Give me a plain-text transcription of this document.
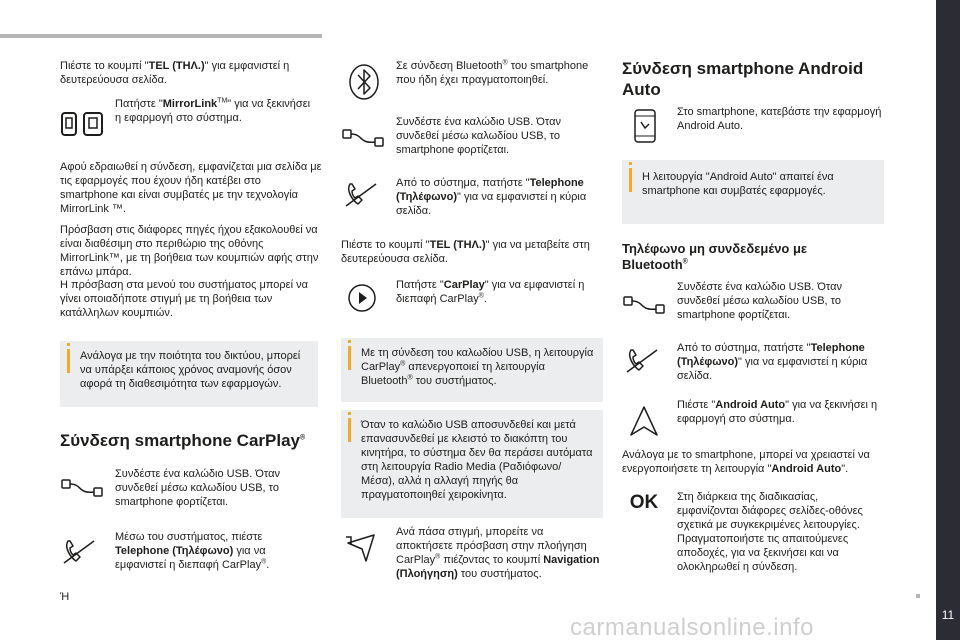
11

Πιέστε το κουμπί "TEL (ΤΗΛ.)" για εμφανιστεί η δευτερεύουσα σελίδα.

Πατήστε "MirrorLink™" για να ξεκινήσει η εφαρμογή στο σύστημα.

Αφού εδραιωθεί η σύνδεση, εμφανίζεται μια σελίδα με τις εφαρμογές που έχουν ήδη κατέβει στο smartphone και είναι συμβατές με την τεχνολογία MirrorLink ™.

Πρόσβαση στις διάφορες πηγές ήχου εξακολουθεί να είναι διαθέσιμη στο περιθώριο της οθόνης MirrorLink™, με τη βοήθεια των κουμπιών αφής στην επάνω μπάρα.

Η πρόσβαση στα μενού του συστήματος μπορεί να γίνει οποιαδήποτε στιγμή με τη βοήθεια των κατάλληλων κουμπιών.

Ανάλογα με την ποιότητα του δικτύου, μπορεί να υπάρξει κάποιος χρόνος αναμονής όσον αφορά τη διαθεσιμότητα των εφαρμογών.

Σύνδεση smartphone CarPlay®

Συνδέστε ένα καλώδιο USB. Όταν συνδεθεί μέσω καλωδίου USB, το smartphone φορτίζεται.

Μέσω του συστήματος, πιέστε Telephone (Τηλέφωνο) για να εμφανιστεί η διεπαφή CarPlay®.

Ή

Σε σύνδεση Bluetooth® του smartphone που ήδη έχει πραγματοποιηθεί.

Συνδέστε ένα καλώδιο USB. Όταν συνδεθεί μέσω καλωδίου USB, το smartphone φορτίζεται.

Από το σύστημα, πατήστε "Telephone (Τηλέφωνο)" για να εμφανιστεί η κύρια σελίδα.

Πιέστε το κουμπί "TEL (ΤΗΛ.)" για να μεταβείτε στη δευτερεύουσα σελίδα.

Πατήστε "CarPlay" για να εμφανιστεί η διεπαφή CarPlay®.

Με τη σύνδεση του καλωδίου USB, η λειτουργία CarPlay® απενεργοποιεί τη λειτουργία Bluetooth® του συστήματος.

Όταν το καλώδιο USB αποσυνδεθεί και μετά επανασυνδεθεί με κλειστό το διακόπτη του κινητήρα, το σύστημα δεν θα περάσει αυτόματα στη λειτουργία Radio Media (Ραδιόφωνο/Μέσα), αλλά η αλλαγή πηγής θα πραγματοποιηθεί χειροκίνητα.

Ανά πάσα στιγμή, μπορείτε να αποκτήσετε πρόσβαση στην πλοήγηση CarPlay® πιέζοντας το κουμπί Navigation (Πλοήγηση) του συστήματος.

Σύνδεση smartphone Android
Auto

Στο smartphone, κατεβάστε την εφαρμογή Android Auto.

Η λειτουργία "Android Auto" απαιτεί ένα smartphone και συμβατές εφαρμογές.

Τηλέφωνο μη συνδεδεμένο με
Bluetooth®

Συνδέστε ένα καλώδιο USB. Όταν συνδεθεί μέσω καλωδίου USB, το smartphone φορτίζεται.

Από το σύστημα, πατήστε "Telephone (Τηλέφωνο)" για να εμφανιστεί η κύρια σελίδα.

Πιέστε "Android Auto" για να ξεκινήσει η εφαρμογή στο σύστημα.

Ανάλογα με το smartphone, μπορεί να χρειαστεί να ενεργοποιήσετε τη λειτουργία "Android Auto".

OK	Στη διάρκεια της διαδικασίας, εμφανίζονται διάφορες σελίδες-οθόνες σχετικά με συγκεκριμένες λειτουργίες. Πραγματοποιήστε τις απαιτούμενες αποδοχές, για να ξεκινήσει και να ολοκληρωθεί η σύνδεση.

carmanualsonline.info
